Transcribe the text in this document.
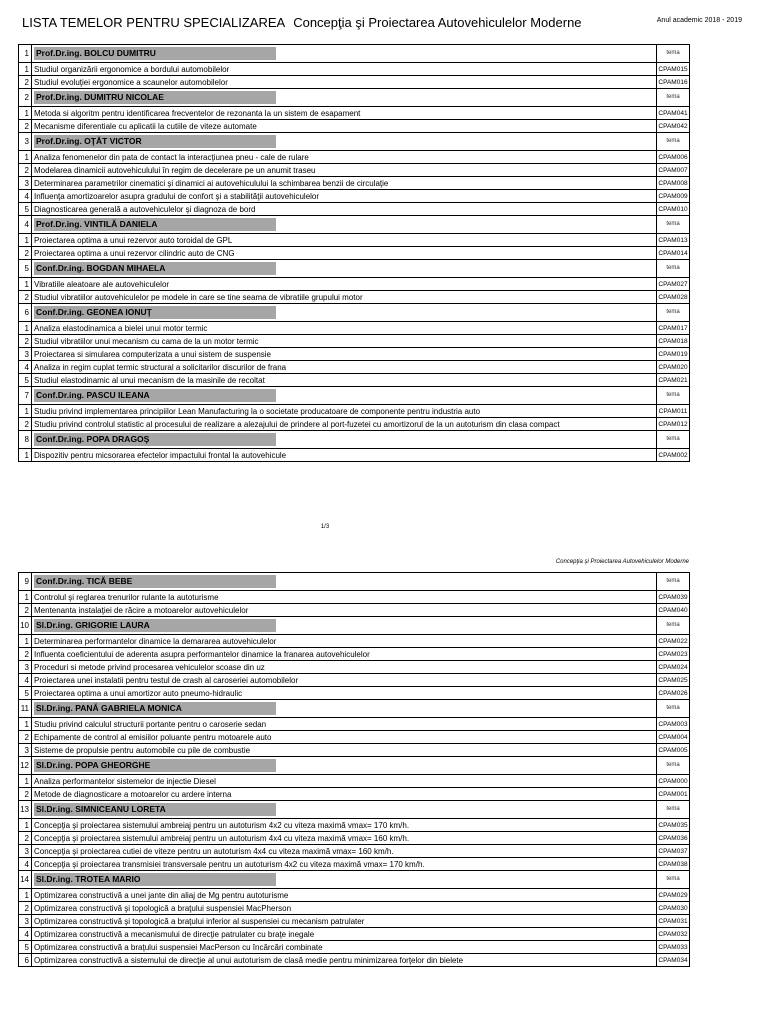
LISTA TEMELOR PENTRU SPECIALIZAREA Concepţia şi Proiectarea Autovehiculelor Moderne	Anul academic 2018 - 2019
1	Prof.Dr.ing. BOLCU DUMITRU	tema
1	Studiul organizării ergonomice a bordului automobilelor	CPAM015
2	Studiul evoluţiei ergonomice a scaunelor automobilelor	CPAM016
2	Prof.Dr.ing. DUMITRU NICOLAE	tema
1	Metoda si algoritm pentru identificarea frecventelor de rezonanta la un sistem de esapament	CPAM041
2	Mecanisme diferentiale cu aplicatii la cutiile de viteze automate	CPAM042
3	Prof.Dr.ing. OŢĂT VICTOR	tema
1	Analiza fenomenelor din pata de contact la interacţiunea pneu - cale de rulare	CPAM006
2	Modelarea dinamicii autovehiculului în regim de decelerare pe un anumit traseu	CPAM007
3	Determinarea parametrilor cinematici şi dinamici ai autovehiculului la schimbarea benzii de circulaţie	CPAM008
4	Influenţa amortizoarelor asupra gradului de confort şi a stabilităţii autovehiculelor	CPAM009
5	Diagnosticarea generală a autovehiculelor şi diagnoza de bord	CPAM010
4	Prof.Dr.ing. VINTILĂ DANIELA	tema
1	Proiectarea optima a unui rezervor auto toroidal de GPL	CPAM013
2	Proiectarea optima a unui rezervor cilindric auto de CNG	CPAM014
5	Conf.Dr.ing. BOGDAN MIHAELA	tema
1	Vibratiile aleatoare ale autovehiculelor	CPAM027
2	Studiul vibratiilor autovehiculelor pe modele in care se tine seama de vibratiile grupului motor	CPAM028
6	Conf.Dr.ing. GEONEA IONUŢ	tema
1	Analiza elastodinamica a bielei unui motor termic	CPAM017
2	Studiul vibratiilor unui mecanism cu cama de la un motor termic	CPAM018
3	Proiectarea si simularea computerizata a unui sistem de suspensie	CPAM019
4	Analiza in regim cuplat termic structural a solicitarilor discurilor de frana	CPAM020
5	Studiul elastodinamic al unui mecanism de la masinile de recoltat	CPAM021
7	Conf.Dr.ing. PASCU ILEANA	tema
1	Studiu privind implementarea principiilor Lean Manufacturing la o societate producatoare de componente pentru industria auto	CPAM011
2	Studiu privind controlul statistic al procesului de realizare a alezajului de prindere al port-fuzetei cu amortizorul de la un autoturism din clasa compact	CPAM012
8	Conf.Dr.ing. POPA DRAGOŞ	tema
1	Dispozitiv pentru micsorarea efectelor impactului frontal la autovehicule	CPAM002
1/3
Concepţia şi Proiectarea Autovehiculelor Moderne
9	Conf.Dr.ing. TICĂ BEBE	tema
1	Controlul şi reglarea trenurilor rulante la autoturisme	CPAM039
2	Mentenanta instalaţiei de răcire a motoarelor autovehiculelor	CPAM040
10	Sl.Dr.ing. GRIGORIE LAURA	tema
1	Determinarea performantelor dinamice la demararea autovehiculelor	CPAM022
2	Influenta coeficientului de aderenta asupra performantelor dinamice la franarea autovehiculelor	CPAM023
3	Proceduri si metode privind procesarea vehiculelor scoase din uz	CPAM024
4	Proiectarea unei instalatii pentru testul de crash al caroseriei automobilelor	CPAM025
5	Proiectarea optima a unui amortizor auto pneumo-hidraulic	CPAM026
11	Sl.Dr.ing. PANĂ GABRIELA MONICA	tema
1	Studiu privind calculul structurii portante pentru o caroserie sedan	CPAM003
2	Echipamente de control al emisiilor poluante pentru motoarele auto	CPAM004
3	Sisteme de propulsie pentru automobile cu pile de combustie	CPAM005
12	Sl.Dr.ing. POPA GHEORGHE	tema
1	Analiza performantelor sistemelor de injectie Diesel	CPAM000
2	Metode de diagnosticare a motoarelor cu ardere interna	CPAM001
13	Sl.Dr.ing. SIMNICEANU LORETA	tema
1	Concepţia şi proiectarea sistemului ambreiaj pentru un autoturism 4x2 cu viteza maximă vmax= 170 km/h.	CPAM035
2	Concepţia şi proiectarea sistemului ambreiaj pentru un autoturism 4x4 cu viteza maximă vmax= 160 km/h.	CPAM036
3	Concepţia şi proiectarea cutiei de viteze pentru un autoturism 4x4 cu viteza maximă vmax= 160 km/h.	CPAM037
4	Concepţia şi proiectarea transmisiei transversale pentru un autoturism 4x2 cu viteza maximă vmax= 170 km/h.	CPAM038
14	Sl.Dr.ing. TROTEA MARIO	tema
1	Optimizarea constructivă a unei jante din aliaj de Mg pentru autoturisme	CPAM029
2	Optimizarea constructivă şi topologică a braţului suspensiei MacPherson	CPAM030
3	Optimizarea constructivă şi topologică a braţului inferior al suspensiei cu mecanism patrulater	CPAM031
4	Optimizarea constructivă a mecanismului de direcţie patrulater cu braţe inegale	CPAM032
5	Optimizarea constructivă a braţului suspensiei MacPerson cu încărcări combinate	CPAM033
6	Optimizarea constructivă a sistemului de direcţie al unui autoturism de clasă medie pentru minimizarea forţelor din bielete	CPAM034
